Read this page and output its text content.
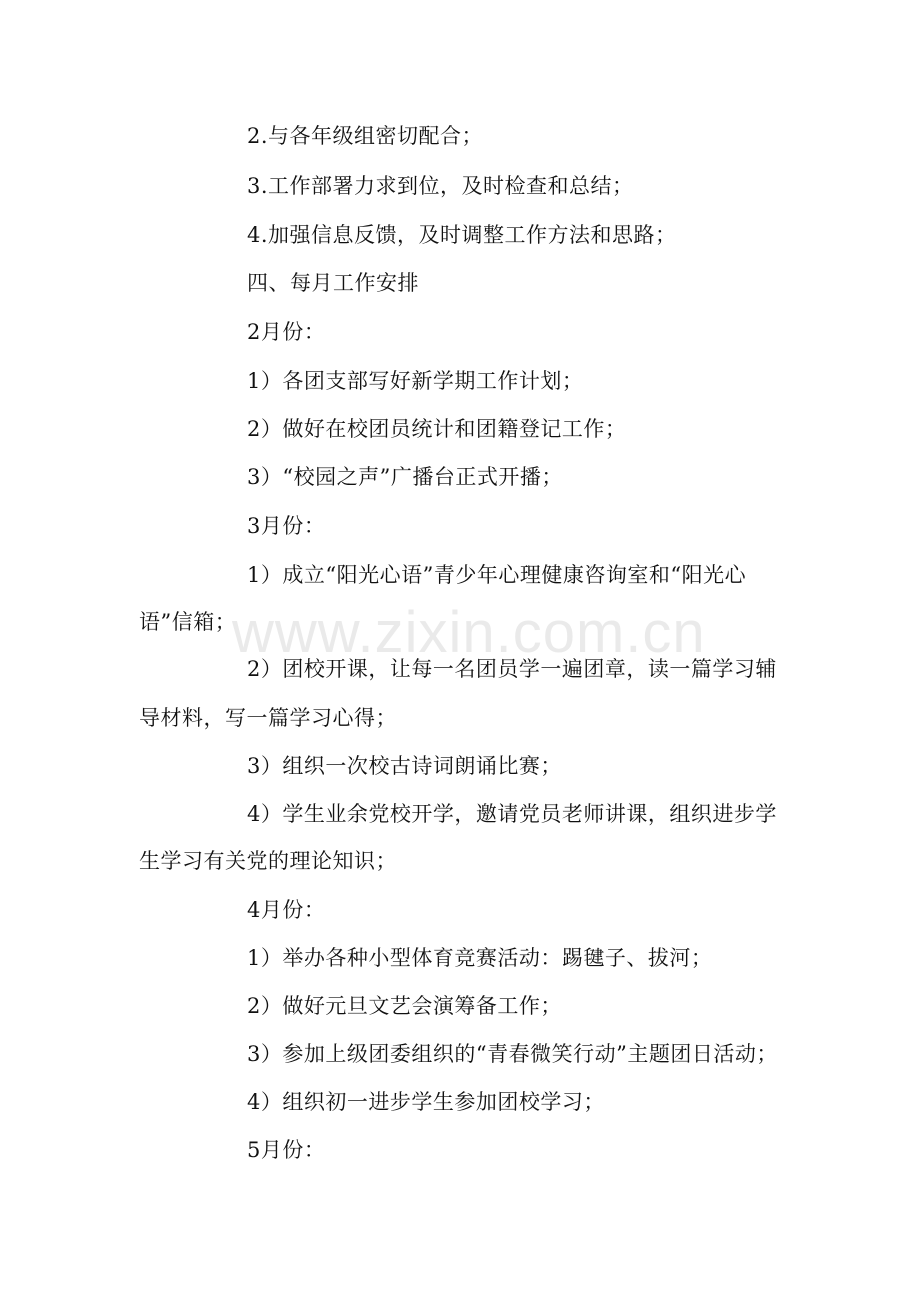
2.与各年级组密切配合；
3.工作部署力求到位，及时检查和总结；
4.加强信息反馈，及时调整工作方法和思路；
四、每月工作安排
2月份：
1）各团支部写好新学期工作计划；
2）做好在校团员统计和团籍登记工作；
3）“校园之声”广播台正式开播；
3月份：
1）成立“阳光心语”青少年心理健康咨询室和“阳光心
语”信箱；
2）团校开课，让每一名团员学一遍团章，读一篇学习辅
导材料，写一篇学习心得；
3）组织一次校古诗词朗诵比赛；
4）学生业余党校开学，邀请党员老师讲课，组织进步学
生学习有关党的理论知识；
4月份：
1）举办各种小型体育竞赛活动：踢毽子、拔河；
2）做好元旦文艺会演筹备工作；
3）参加上级团委组织的“青春微笑行动”主题团日活动；
4）组织初一进步学生参加团校学习；
5月份：
www.zixin.com.cn
